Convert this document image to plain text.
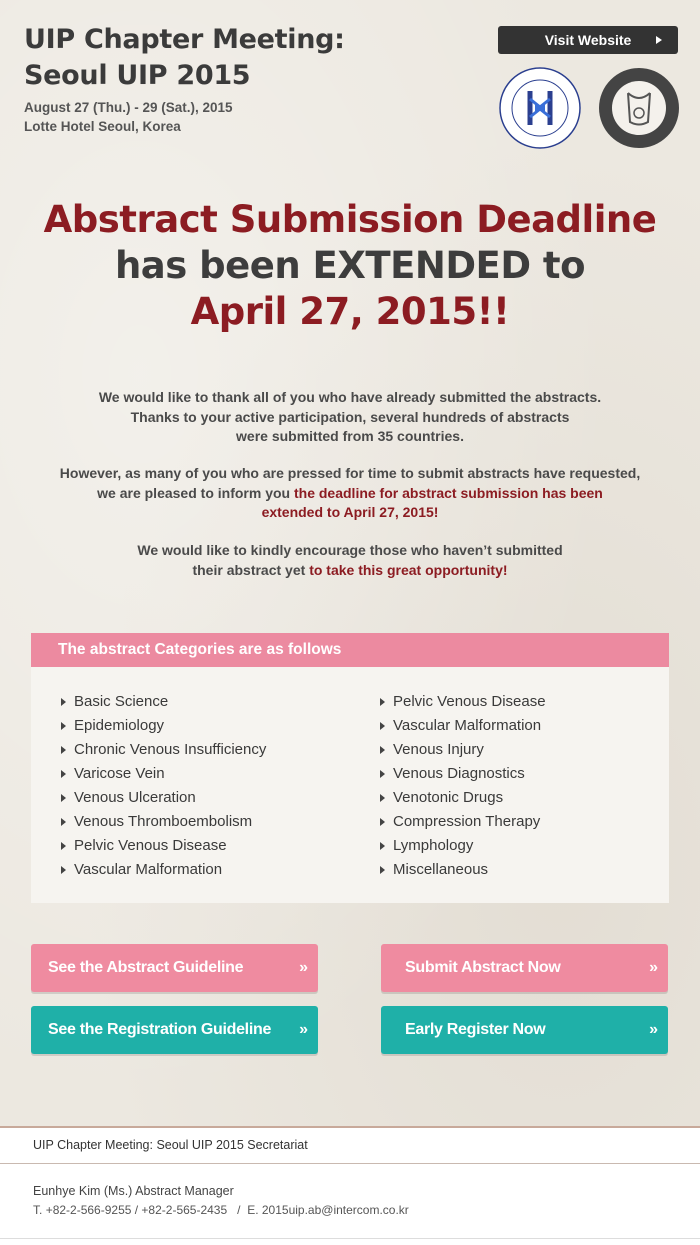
UIP Chapter Meeting:
Seoul UIP 2015
August 27 (Thu.) - 29 (Sat.), 2015
Lotte Hotel Seoul, Korea
Visit Website
Abstract Submission Deadline
has been EXTENDED to
April 27, 2015!!
We would like to thank all of you who have already submitted the abstracts.
Thanks to your active participation, several hundreds of abstracts
were submitted from 35 countries.
However, as many of you who are pressed for time to submit abstracts have requested,
we are pleased to inform you the deadline for abstract submission has been
extended to April 27, 2015!
We would like to kindly encourage those who haven’t submitted
their abstract yet to take this great opportunity!
The abstract Categories are as follows
Basic Science
Epidemiology
Chronic Venous Insufficiency
Varicose Vein
Venous Ulceration
Venous Thromboembolism
Pelvic Venous Disease
Vascular Malformation
Pelvic Venous Disease
Vascular Malformation
Venous Injury
Venous Diagnostics
Venotonic Drugs
Compression Therapy
Lymphology
Miscellaneous
See the Abstract Guideline	»	Submit Abstract Now	»
See the Registration Guideline »	Early Register Now	»
UIP Chapter Meeting: Seoul UIP 2015 Secretariat
Eunhye Kim (Ms.) Abstract Manager
T. +82-2-566-9255 / +82-2-565-2435   /  E. 2015uip.ab@intercom.co.kr
